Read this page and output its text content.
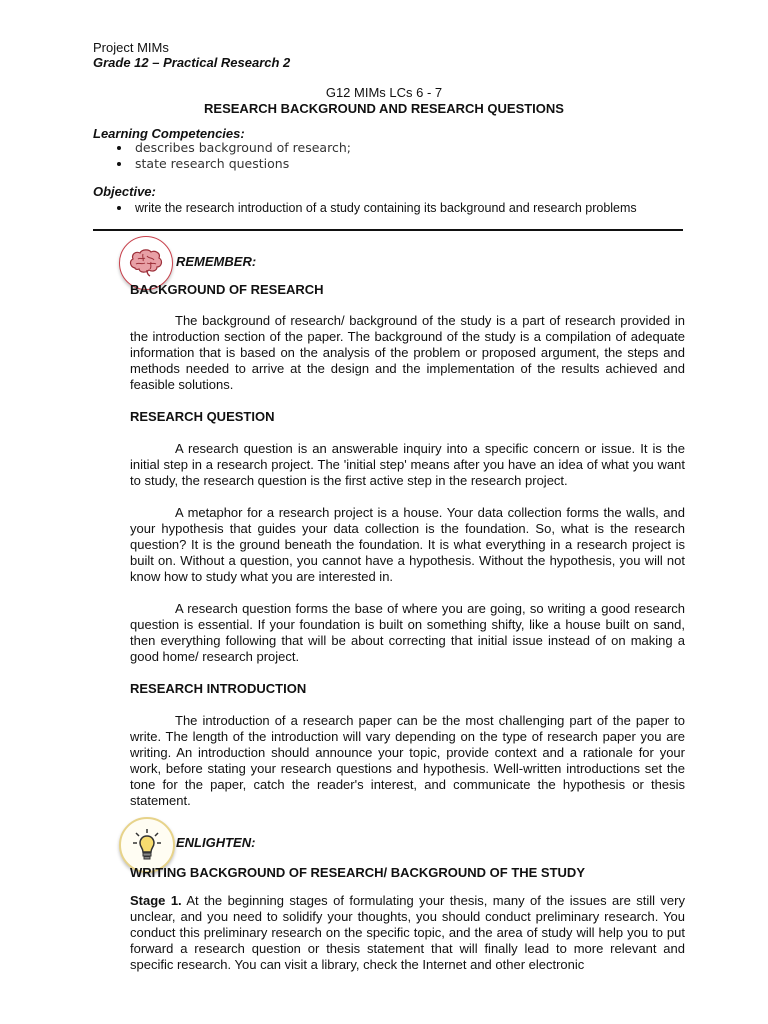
Project MIMs
Grade 12 – Practical Research 2
G12 MIMs LCs 6 - 7
RESEARCH BACKGROUND AND RESEARCH QUESTIONS
Learning Competencies:
describes background of research;
state research questions
Objective:
write the research introduction of a study containing its background and research problems
REMEMBER:
BACKGROUND OF RESEARCH

The background of research/ background of the study is a part of research provided in the introduction section of the paper. The background of the study is a compilation of adequate information that is based on the analysis of the problem or proposed argument, the steps and methods needed to arrive at the design and the implementation of the results achieved and feasible solutions.

RESEARCH QUESTION

A research question is an answerable inquiry into a specific concern or issue. It is the initial step in a research project. The 'initial step' means after you have an idea of what you want to study, the research question is the first active step in the research project.

A metaphor for a research project is a house. Your data collection forms the walls, and your hypothesis that guides your data collection is the foundation. So, what is the research question? It is the ground beneath the foundation. It is what everything in a research project is built on. Without a question, you cannot have a hypothesis. Without the hypothesis, you will not know how to study what you are interested in.

A research question forms the base of where you are going, so writing a good research question is essential. If your foundation is built on something shifty, like a house built on sand, then everything following that will be about correcting that initial issue instead of on making a good home/ research project.

RESEARCH INTRODUCTION

The introduction of a research paper can be the most challenging part of the paper to write. The length of the introduction will vary depending on the type of research paper you are writing. An introduction should announce your topic, provide context and a rationale for your work, before stating your research questions and hypothesis. Well-written introductions set the tone for the paper, catch the reader's interest, and communicate the hypothesis or thesis statement.

ENLIGHTEN:
WRITING BACKGROUND OF RESEARCH/ BACKGROUND OF THE STUDY

Stage 1. At the beginning stages of formulating your thesis, many of the issues are still very unclear, and you need to solidify your thoughts, you should conduct preliminary research. You conduct this preliminary research on the specific topic, and the area of study will help you to put forward a research question or thesis statement that will finally lead to more relevant and specific research. You can visit a library, check the Internet and other electronic
